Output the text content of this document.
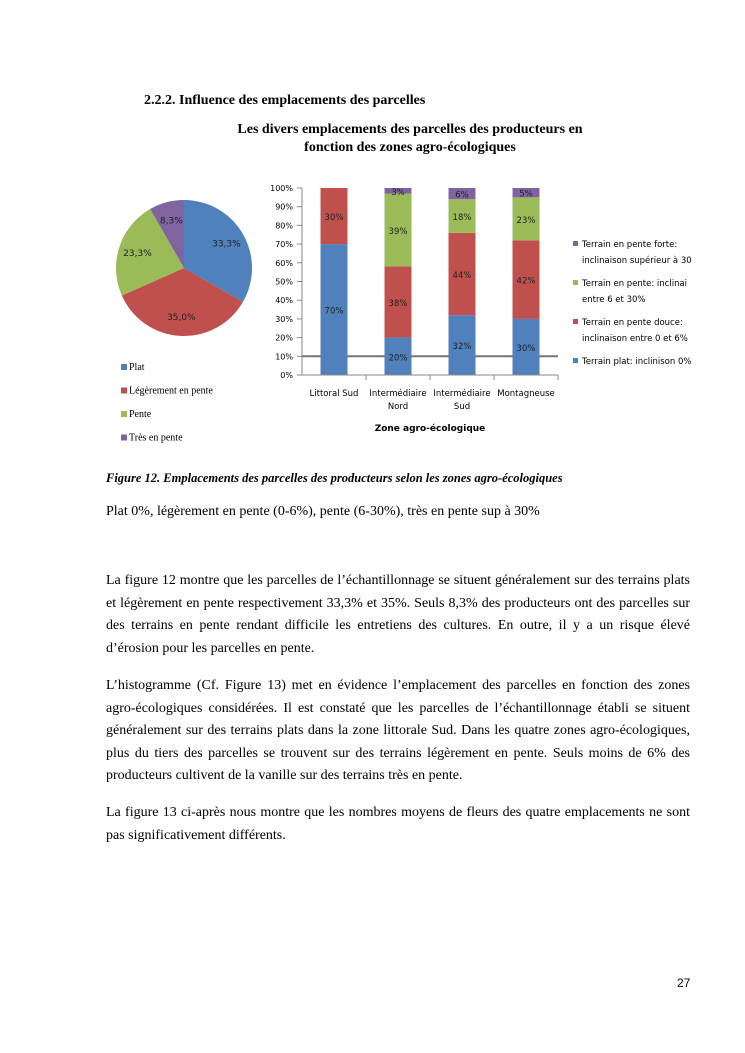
2.2.2. Influence des emplacements des parcelles
Les divers emplacements des parcelles des producteurs en
fonction des zones agro-écologiques
33,3%
Plat
35,0%
Légèrement en pente
23,3%
Pente
8,3%
Très en pente
0%
10%
20%
30%
40%
50%
60%
70%
80%
90%
100%
70%
30%
Littoral Sud
20%
38%
39%
3%
Intermédiaire
Nord
32%
44%
18%
6%
Intermédiaire
Sud
30%
42%
23%
5%
Montagneuse
Zone agro-écologique
Terrain en pente forte:
inclinaison supérieur à 30
Terrain en pente: inclinai
entre 6 et 30%
Terrain en pente douce:
inclinaison entre 0 et 6%
Terrain plat: inclinison 0%
Figure 12. Emplacements des parcelles des producteurs selon les zones agro-écologiques
Plat 0%, légèrement en pente (0-6%), pente (6-30%), très en pente sup à 30%
La figure 12 montre que les parcelles de l’échantillonnage se situent généralement sur des terrains plats et légèrement en pente respectivement 33,3% et 35%. Seuls 8,3% des producteurs ont des parcelles sur des terrains en pente rendant difficile les entretiens des cultures. En outre, il y a un risque élevé d’érosion pour les parcelles en pente.
L’histogramme (Cf. Figure 13) met en évidence l’emplacement des parcelles en fonction des zones agro-écologiques considérées. Il est constaté que les parcelles de l’échantillonnage établi se situent généralement sur des terrains plats dans la zone littorale Sud. Dans les quatre zones agro-écologiques, plus du tiers des parcelles se trouvent sur des terrains légèrement en pente. Seuls moins de 6% des producteurs cultivent de la vanille sur des terrains très en pente.
La figure 13 ci-après nous montre que les nombres moyens de fleurs des quatre emplacements ne sont pas significativement différents.
27
